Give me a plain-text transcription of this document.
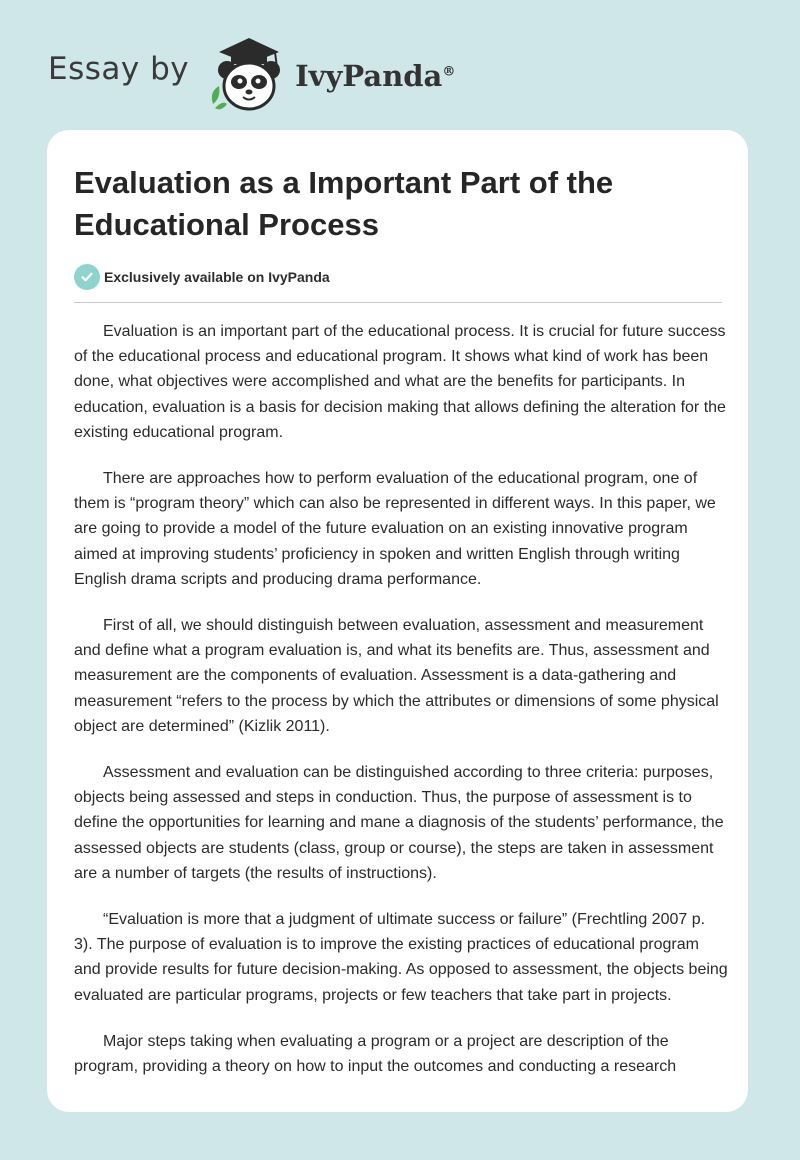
Essay by	IvyPanda®
Evaluation as a Important Part of the Educational Process
Exclusively available on IvyPanda

Evaluation is an important part of the educational process. It is crucial for future success of the educational process and educational program. It shows what kind of work has been done, what objectives were accomplished and what are the benefits for participants. In education, evaluation is a basis for decision making that allows defining the alteration for the existing educational program.

There are approaches how to perform evaluation of the educational program, one of them is “program theory” which can also be represented in different ways. In this paper, we are going to provide a model of the future evaluation on an existing innovative program aimed at improving students’ proficiency in spoken and written English through writing English drama scripts and producing drama performance.

First of all, we should distinguish between evaluation, assessment and measurement and define what a program evaluation is, and what its benefits are. Thus, assessment and measurement are the components of evaluation. Assessment is a data-gathering and measurement “refers to the process by which the attributes or dimensions of some physical object are determined” (Kizlik 2011).

Assessment and evaluation can be distinguished according to three criteria: purposes, objects being assessed and steps in conduction. Thus, the purpose of assessment is to define the opportunities for learning and mane a diagnosis of the students’ performance, the assessed objects are students (class, group or course), the steps are taken in assessment are a number of targets (the results of instructions).

“Evaluation is more that a judgment of ultimate success or failure” (Frechtling 2007 p. 3). The purpose of evaluation is to improve the existing practices of educational program and provide results for future decision-making. As opposed to assessment, the objects being evaluated are particular programs, projects or few teachers that take part in projects.

Major steps taking when evaluating a program or a project are description of the program, providing a theory on how to input the outcomes and conducting a research
